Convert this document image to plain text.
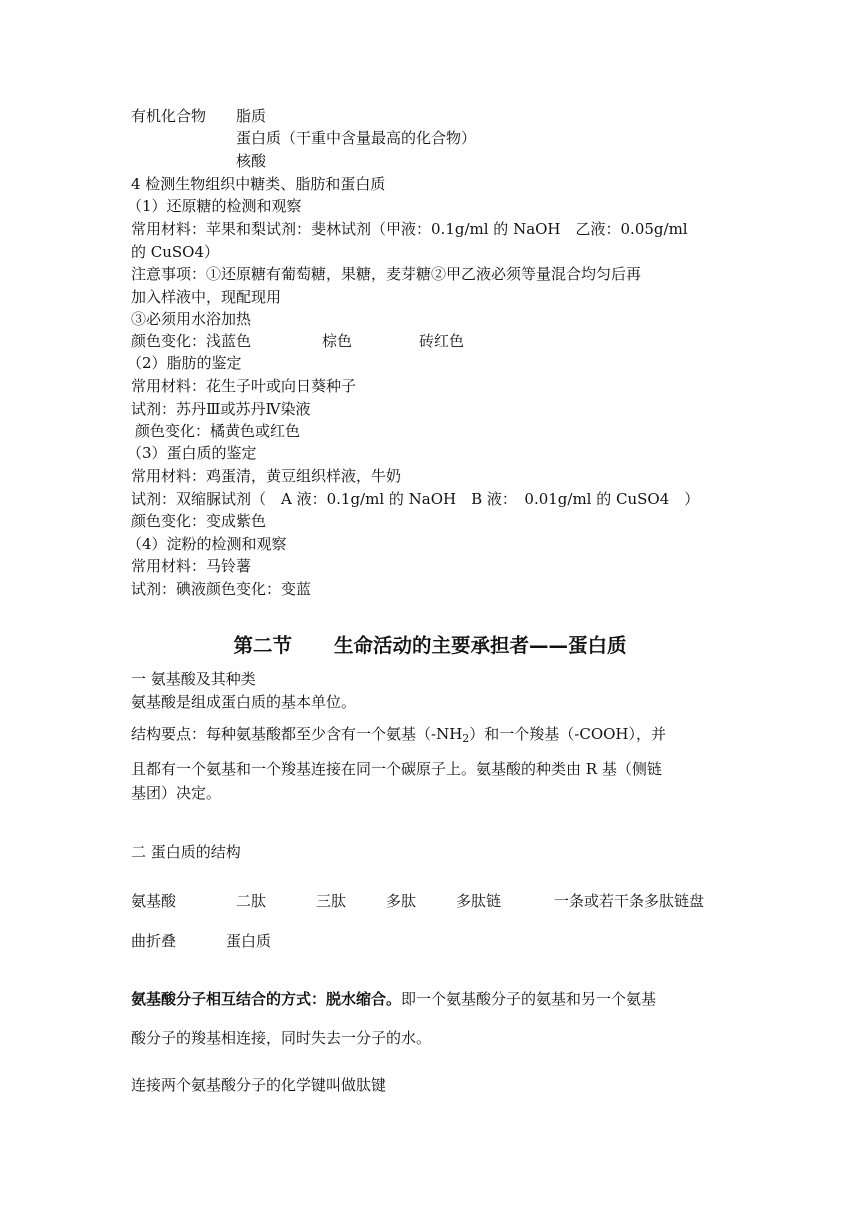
有机化合物 脂质
蛋白质（干重中含量最高的化合物）
核酸
4 检测生物组织中糖类、脂肪和蛋白质
（1）还原糖的检测和观察
常用材料：苹果和梨试剂：斐林试剂（甲液：0.1g/ml 的 NaOH　乙液：0.05g/ml
的 CuSO4）
注意事项：①还原糖有葡萄糖，果糖，麦芽糖②甲乙液必须等量混合均匀后再
加入样液中，现配现用
③必须用水浴加热
颜色变化：浅蓝色	棕色	砖红色
（2）脂肪的鉴定
常用材料：花生子叶或向日葵种子
试剂：苏丹Ⅲ或苏丹Ⅳ染液
颜色变化：橘黄色或红色
（3）蛋白质的鉴定
常用材料：鸡蛋清，黄豆组织样液，牛奶
试剂：双缩脲试剂（　A 液：0.1g/ml 的 NaOH　B 液：　0.01g/ml 的 CuSO4　）
颜色变化：变成紫色
（4）淀粉的检测和观察
常用材料：马铃薯
试剂：碘液颜色变化：变蓝
第二节 生命活动的主要承担者——蛋白质
一 氨基酸及其种类
氨基酸是组成蛋白质的基本单位。
结构要点：每种氨基酸都至少含有一个氨基$(-NH_2)$和一个羧基（-COOH），并
且都有一个氨基和一个羧基连接在同一个碳原子上。氨基酸的种类由 R 基（侧链
基团）决定。
二 蛋白质的结构
氨基酸	二肽	三肽	多肽	多肽链	一条或若干条多肽链盘
曲折叠	蛋白质
氨基酸分子相互结合的方式：脱水缩合。即一个氨基酸分子的氨基和另一个氨基
酸分子的羧基相连接，同时失去一分子的水。
连接两个氨基酸分子的化学键叫做肽键
